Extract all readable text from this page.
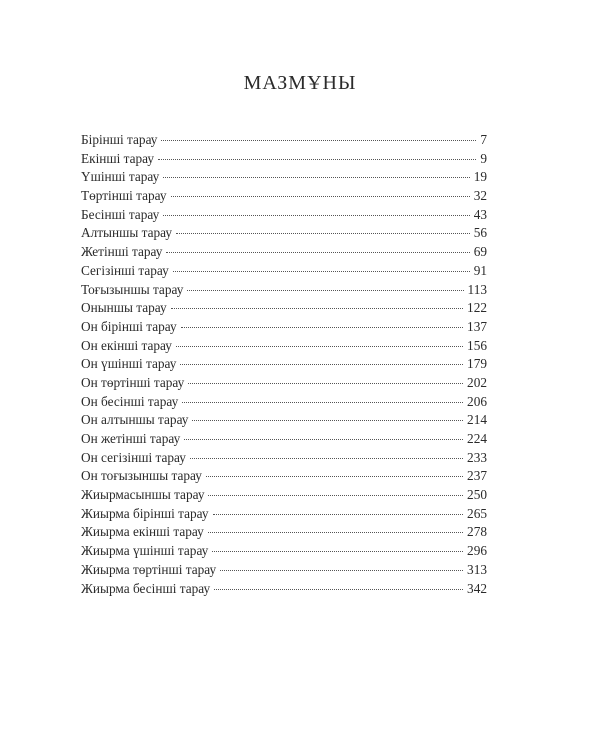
МАЗМҰНЫ
Бірінші тарау	7
Екінші тарау	9
Үшінші тарау	19
Төртінші тарау	32
Бесінші тарау	43
Алтыншы тарау	56
Жетінші тарау	69
Сегізінші тарау	91
Тоғызыншы тарау	113
Оныншы тарау	122
Он бірінші тарау	137
Он екінші тарау	156
Он үшінші тарау	179
Он төртінші тарау	202
Он бесінші тарау	206
Он алтыншы тарау	214
Он жетінші тарау	224
Он сегізінші тарау	233
Он тоғызыншы тарау	237
Жиырмасыншы тарау	250
Жиырма бірінші тарау	265
Жиырма екінші тарау	278
Жиырма үшінші тарау	296
Жиырма төртінші тарау	313
Жиырма бесінші тарау	342
